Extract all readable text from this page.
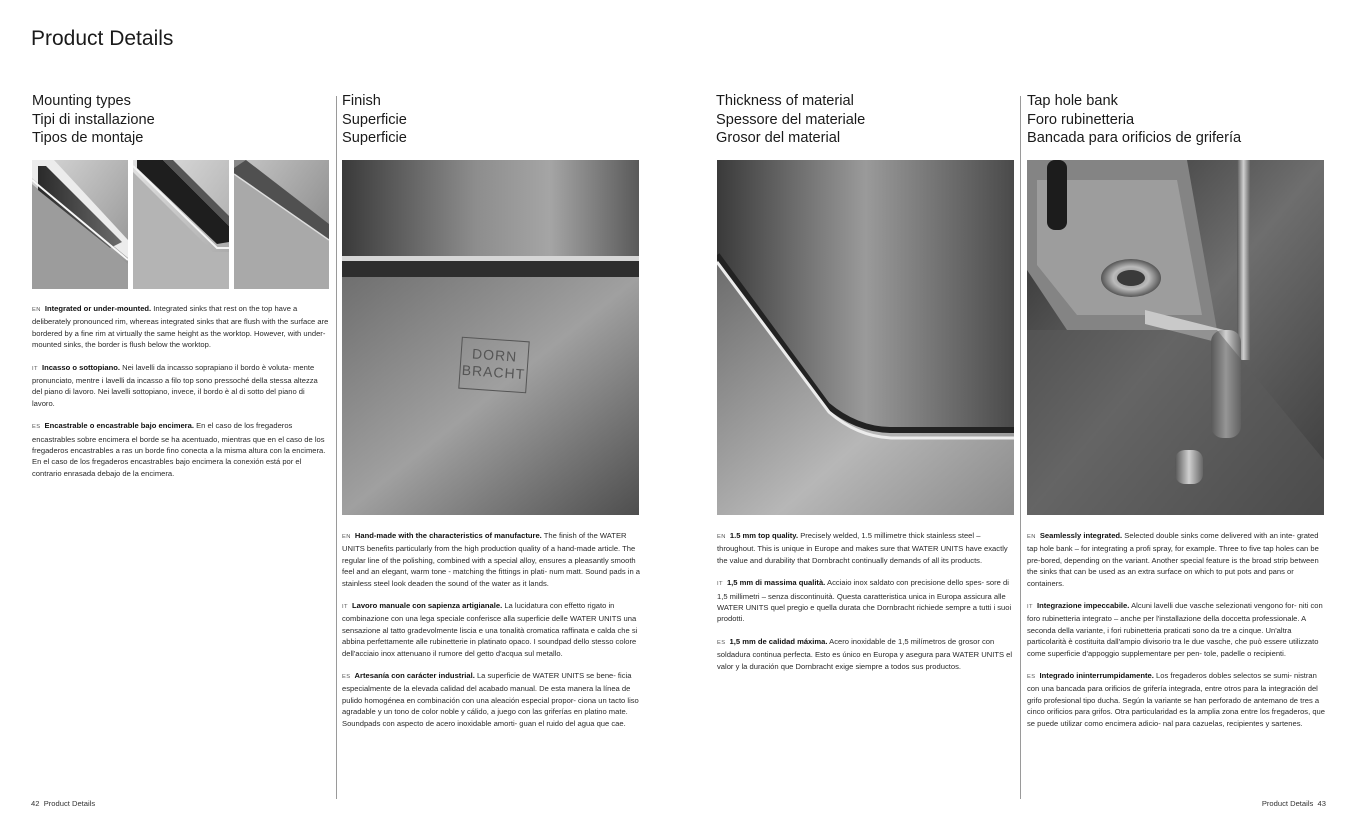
Product Details
Mounting types
Tipi di installazione
Tipos de montaje

EN Integrated or under-mounted. Integrated sinks that rest on the top have a deliberately pronounced rim, whereas integrated sinks that are flush with the surface are bordered by a fine rim at virtually the same height as the worktop. However, with under-mounted sinks, the border is flush below the worktop.

IT Incasso o sottopiano. Nei lavelli da incasso soprapiano il bordo è voluta- mente pronunciato, mentre i lavelli da incasso a filo top sono pressoché della stessa altezza del piano di lavoro. Nei lavelli sottopiano, invece, il bordo è al di sotto del piano di lavoro.

ES Encastrable o encastrable bajo encimera. En el caso de los fregaderos encastrables sobre encimera el borde se ha acentuado, mientras que en el caso de los fregaderos encastrables a ras un borde fino conecta a la misma altura con la encimera. En el caso de los fregaderos encastrables bajo encimera la conexión está por el contrario enrasada debajo de la encimera.

Finish
Superficie
Superficie
DORN
BRACHT

EN Hand-made with the characteristics of manufacture. The finish of the WATER UNITS benefits particularly from the high production quality of a hand-made article. The regular line of the polishing, combined with a special alloy, ensures a pleasantly smooth feel and an elegant, warm tone - matching the fittings in plati- num matt. Sound pads in a stainless steel look deaden the sound of the water as it lands.

IT Lavoro manuale con sapienza artigianale. La lucidatura con effetto rigato in combinazione con una lega speciale conferisce alla superficie delle WATER UNITS una sensazione al tatto gradevolmente liscia e una tonalità cromatica raffinata e calda che si abbina perfettamente alle rubinetterie in platinato opaco. I soundpad dello stesso colore dell'acciaio inox attenuano il rumore del getto d'acqua sul metallo.

ES Artesanía con carácter industrial. La superficie de WATER UNITS se bene- ficia especialmente de la elevada calidad del acabado manual. De esta manera la línea de pulido homogénea en combinación con una aleación especial propor- ciona un tacto liso agradable y un tono de color noble y cálido, a juego con las griferías en platino mate. Soundpads con aspecto de acero inoxidable amorti- guan el ruido del agua que cae.

Thickness of material
Spessore del materiale
Grosor del material

EN 1.5 mm top quality. Precisely welded, 1.5 millimetre thick stainless steel – throughout. This is unique in Europe and makes sure that WATER UNITS have exactly the value and durability that Dornbracht continually demands of all its products.

IT 1,5 mm di massima qualità. Acciaio inox saldato con precisione dello spes- sore di 1,5 millimetri – senza discontinuità. Questa caratteristica unica in Europa assicura alle WATER UNITS quel pregio e quella durata che Dornbracht richiede sempre a tutti i suoi prodotti.

ES 1,5 mm de calidad máxima. Acero inoxidable de 1,5 milímetros de grosor con soldadura continua perfecta. Esto es único en Europa y asegura para WATER UNITS el valor y la duración que Dornbracht exige siempre a todos sus productos.

Tap hole bank
Foro rubinetteria
Bancada para orificios de grifería

EN Seamlessly integrated. Selected double sinks come delivered with an inte- grated tap hole bank – for integrating a profi spray, for example. Three to five tap holes can be pre-bored, depending on the variant. Another special feature is the broad strip between the sinks that can be used as an extra surface on which to put pots and pans or containers.

IT Integrazione impeccabile. Alcuni lavelli due vasche selezionati vengono for- niti con foro rubinetteria integrato – anche per l'installazione della doccetta professionale. A seconda della variante, i fori rubinetteria praticati sono da tre a cinque. Un'altra particolarità è costituita dall'ampio divisorio tra le due vasche, che può essere utilizzato come superficie d'appoggio supplementare per pen- tole, padelle o recipienti.

ES Integrado ininterrumpidamente. Los fregaderos dobles selectos se sumi- nistran con una bancada para orificios de grifería integrada, entre otros para la integración del grifo profesional tipo ducha. Según la variante se han perforado de antemano de tres a cinco orificios para grifos. Otra particularidad es la amplia zona entre los fregaderos, que se puede utilizar como encimera adicio- nal para cazuelas, recipientes y sartenes.

42 Product Details	Product Details 43
